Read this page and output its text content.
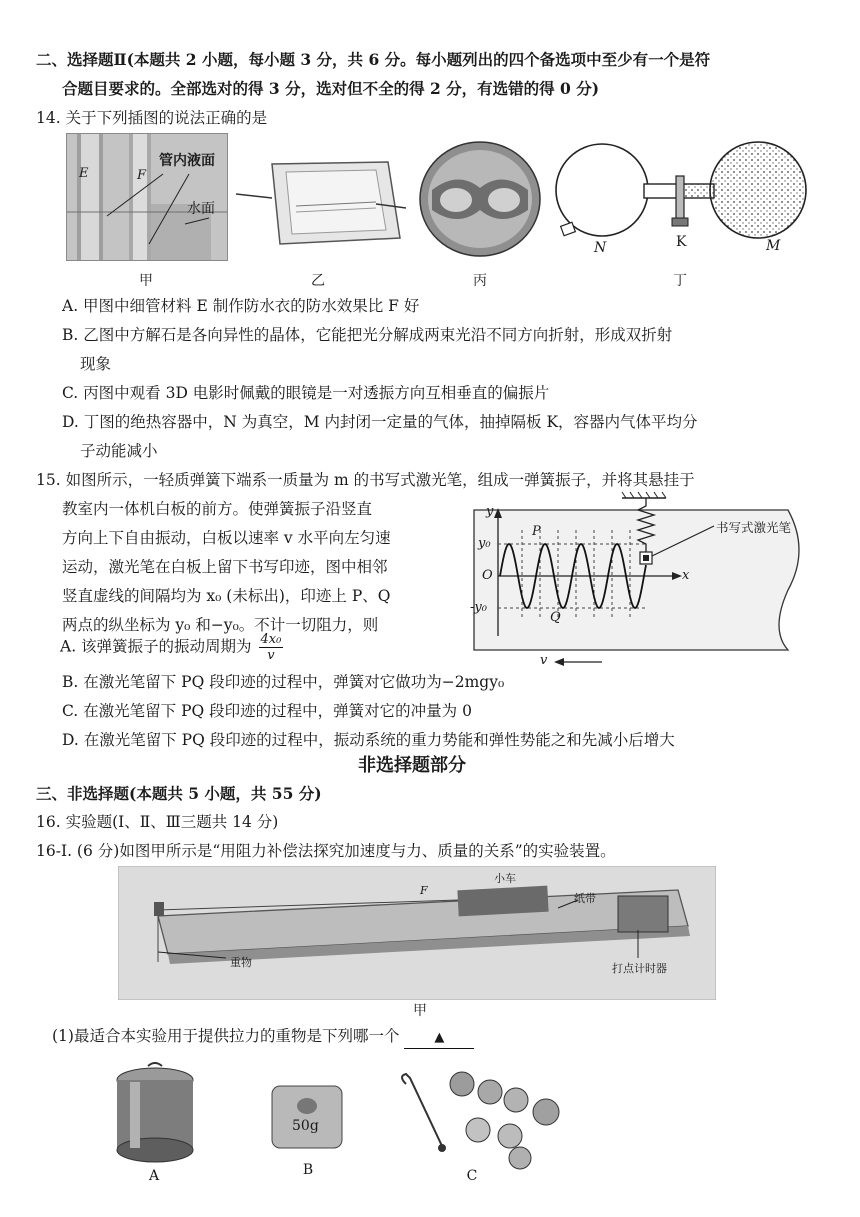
二、选择题Ⅱ(本题共 2 小题，每小题 3 分，共 6 分。每小题列出的四个备选项中至少有一个是符
合题目要求的。全部选对的得 3 分，选对但不全的得 2 分，有选错的得 0 分)
14. 关于下列插图的说法正确的是
E	F
管内液面
水面
甲	乙	丙
N	K	M
丁
A. 甲图中细管材料 E 制作防水衣的防水效果比 F 好
B. 乙图中方解石是各向异性的晶体，它能把光分解成两束光沿不同方向折射，形成双折射
现象
C. 丙图中观看 3D 电影时佩戴的眼镜是一对透振方向互相垂直的偏振片
D. 丁图的绝热容器中，N 为真空，M 内封闭一定量的气体，抽掉隔板 K，容器内气体平均分
子动能减小
15. 如图所示，一轻质弹簧下端系一质量为 m 的书写式激光笔，组成一弹簧振子，并将其悬挂于
教室内一体机白板的前方。使弹簧振子沿竖直
方向上下自由振动，白板以速率 v 水平向左匀速
运动，激光笔在白板上留下书写印迹，图中相邻
竖直虚线的间隔均为 x₀ (未标出)，印迹上 P、Q
两点的纵坐标为 y₀ 和−y₀。不计一切阻力，则
A. 该弹簧振子的振动周期为 $\frac{\text{4x₀}}{v}$
B. 在激光笔留下 PQ 段印迹的过程中，弹簧对它做功为−2mgy₀
C. 在激光笔留下 PQ 段印迹的过程中，弹簧对它的冲量为 0
D. 在激光笔留下 PQ 段印迹的过程中，振动系统的重力势能和弹性势能之和先减小后增大
y
y₀
O
-y₀
x
P
Q
书写式激光笔
v
非选择题部分
三、非选择题(本题共 5 小题，共 55 分)
16. 实验题(Ⅰ、Ⅱ、Ⅲ三题共 14 分)
16-Ⅰ. (6 分)如图甲所示是“用阻力补偿法探究加速度与力、质量的关系”的实验装置。
小车
纸带
重物	打点计时器
F
甲
(1)最适合本实验用于提供拉力的重物是下列哪一个	▲
A
50g
B	C
